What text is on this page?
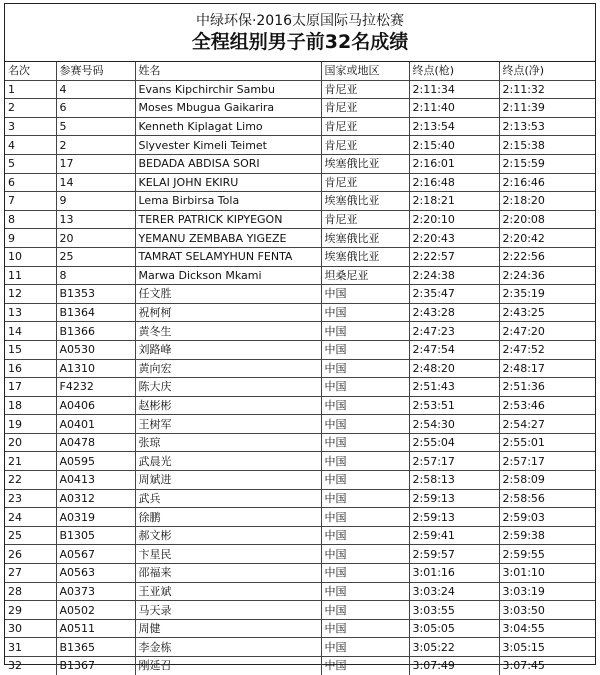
中绿环保·2016太原国际马拉松赛
全程组别男子前32名成绩
名次	参赛号码	姓名	国家或地区	终点(枪)	终点(净)
1	4	Evans Kipchirchir Sambu	肯尼亚	2:11:34	2:11:32
2	6	Moses Mbugua Gaikarira	肯尼亚	2:11:40	2:11:39
3	5	Kenneth Kiplagat Limo	肯尼亚	2:13:54	2:13:53
4	2	Slyvester Kimeli Teimet	肯尼亚	2:15:40	2:15:38
5	17	BEDADA ABDISA SORI	埃塞俄比亚	2:16:01	2:15:59
6	14	KELAI JOHN EKIRU	肯尼亚	2:16:48	2:16:46
7	9	Lema Birbirsa Tola	埃塞俄比亚	2:18:21	2:18:20
8	13	TERER PATRICK KIPYEGON	肯尼亚	2:20:10	2:20:08
9	20	YEMANU ZEMBABA YIGEZE	埃塞俄比亚	2:20:43	2:20:42
10	25	TAMRAT SELAMYHUN FENTA	埃塞俄比亚	2:22:57	2:22:56
11	8	Marwa Dickson Mkami	坦桑尼亚	2:24:38	2:24:36
12	B1353	任文胜	中国	2:35:47	2:35:19
13	B1364	祝柯柯	中国	2:43:28	2:43:25
14	B1366	黄冬生	中国	2:47:23	2:47:20
15	A0530	刘路峰	中国	2:47:54	2:47:52
16	A1310	黄向宏	中国	2:48:20	2:48:17
17	F4232	陈大庆	中国	2:51:43	2:51:36
18	A0406	赵彬彬	中国	2:53:51	2:53:46
19	A0401	王树军	中国	2:54:30	2:54:27
20	A0478	张琼	中国	2:55:04	2:55:01
21	A0595	武晨光	中国	2:57:17	2:57:17
22	A0413	周斌进	中国	2:58:13	2:58:09
23	A0312	武兵	中国	2:59:13	2:58:56
24	A0319	徐鹏	中国	2:59:13	2:59:03
25	B1305	郝文彬	中国	2:59:41	2:59:38
26	A0567	卞星民	中国	2:59:57	2:59:55
27	A0563	邵福来	中国	3:01:16	3:01:10
28	A0373	王亚斌	中国	3:03:24	3:03:19
29	A0502	马天录	中国	3:03:55	3:03:50
30	A0511	周健	中国	3:05:05	3:04:55
31	B1365	李金栋	中国	3:05:22	3:05:15
32	B1367	刚延召	中国	3:07:49	3:07:45
